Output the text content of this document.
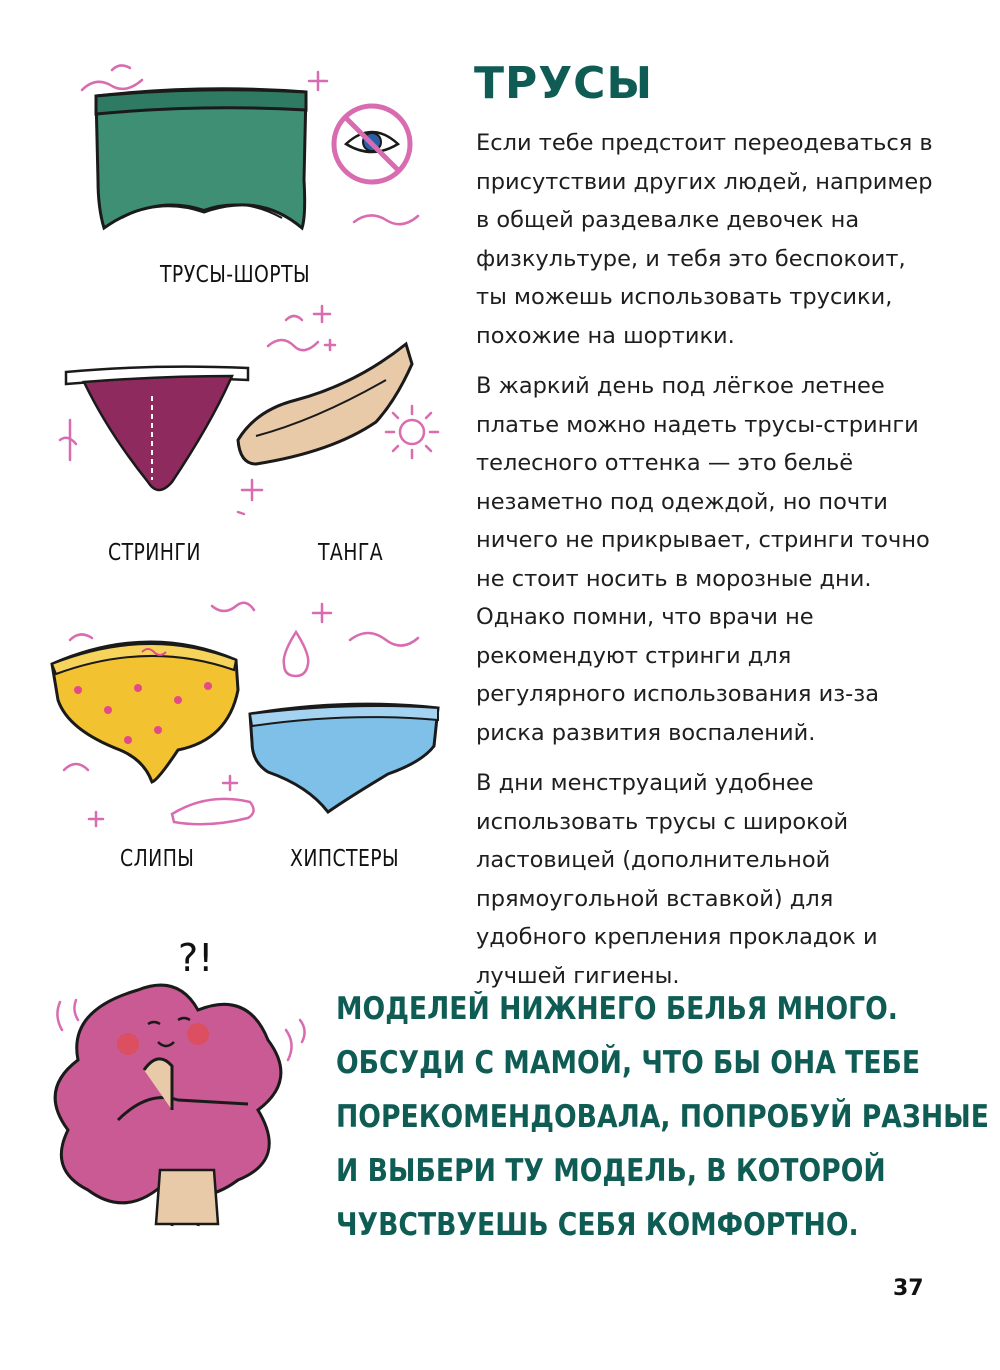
ТРУСЫ

Если тебе предстоит переодеваться в присутствии других людей, например в общей раздевалке девочек на физкультуре, и тебя это беспокоит, ты можешь использовать трусики, похожие на шортики.

В жаркий день под лёгкое летнее платье можно надеть трусы-стринги телесного оттенка — это бельё незаметно под одеждой, но почти ничего не прикрывает, стринги точно не стоит носить в морозные дни. Однако помни, что врачи не рекомендуют стринги для регулярного использования из-за риска развития воспалений.

В дни менструаций удобнее использовать трусы с широкой ластовицей (дополнительной прямоугольной вставкой) для удобного крепления прокладок и лучшей гигиены.

ТРУСЫ-ШОРТЫ
СТРИНГИ	ТАНГА
СЛИПЫ	ХИПСТЕРЫ
?!
МОДЕЛЕЙ НИЖНЕГО БЕЛЬЯ МНОГО.
ОБСУДИ С МАМОЙ, ЧТО БЫ ОНА ТЕБЕ
ПОРЕКОМЕНДОВАЛА, ПОПРОБУЙ РАЗНЫЕ
И ВЫБЕРИ ТУ МОДЕЛЬ, В КОТОРОЙ
ЧУВСТВУЕШЬ СЕБЯ КОМФОРТНО.
37
